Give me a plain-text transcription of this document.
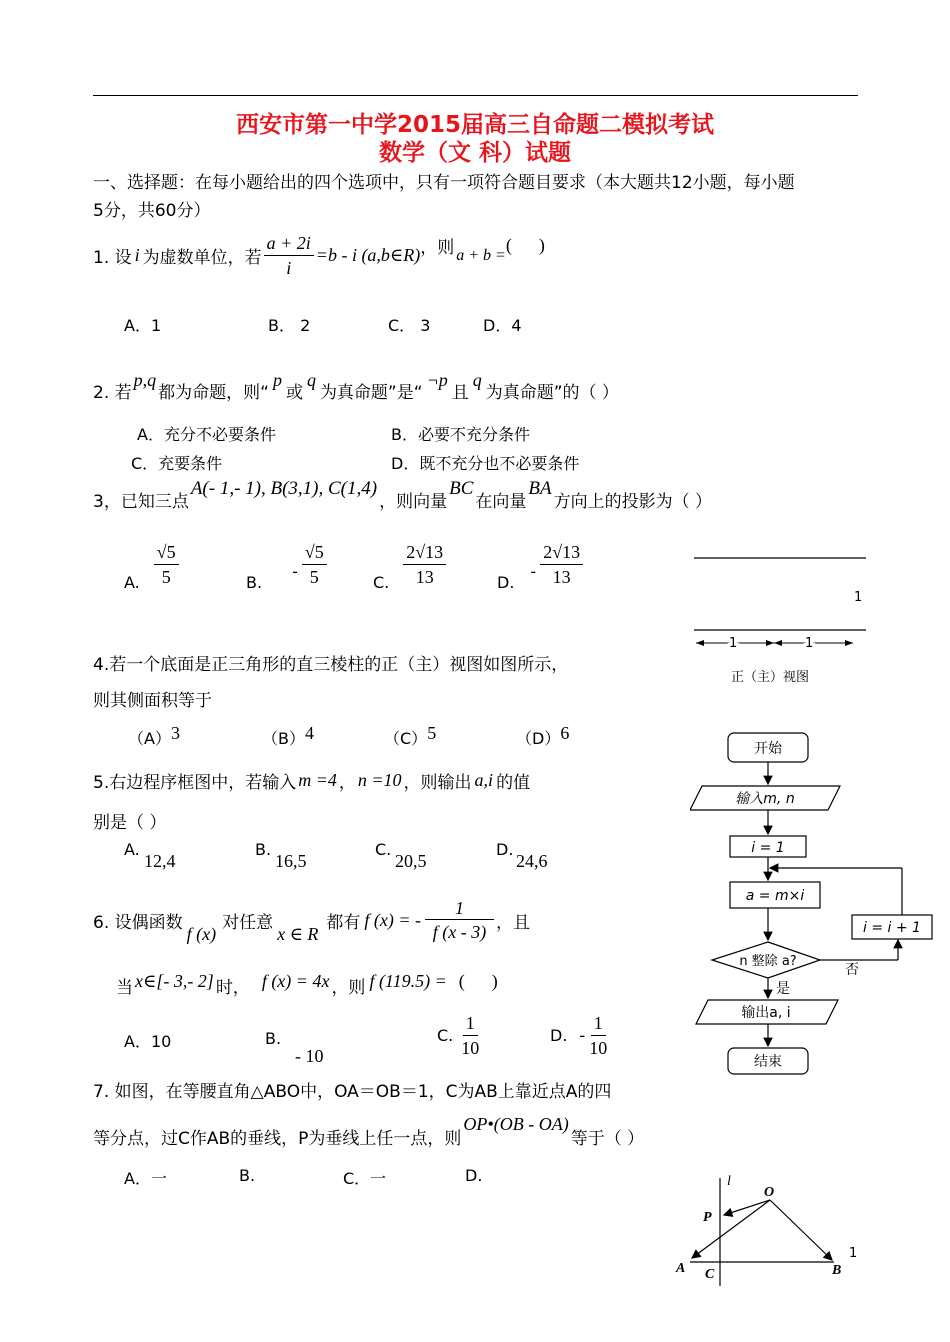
西安市第一中学2015届高三自命题二模拟考试
数学（文 科）试题
一、选择题：在每小题给出的四个选项中，只有一项符合题目要求（本大题共12小题，每小题
5分，共60分）
1. 设 i 为虚数单位，若 $\frac{a + 2i}{i} =b - i$ (a,b∈R) ，则 a + b = (      )
A．1	B． 2	C． 3	D．4
2. 若
p,q
都为命题，则“
p
或
q
为真命题”是“
¬p
且
q
为真命题”的（ ）
A．充分不必要条件	B．必要不充分条件
C．充要条件	D．既不充分也不必要条件
3，已知三点
A(- 1,- 1), B(3,1), C(1,4)
，则向量
BC
在向量
BA
方向上的投影为（ ）
A. $\frac{√5}{5}$	B.
- $\frac{√5}{5}$	C. $\frac{2√13}{13}$	D.
- $\frac{2√13}{13}$
1
1	1
正（主）视图
4.若一个底面是正三角形的直三棱柱的正（主）视图如图所示，
则其侧面积等于
（A）3	（B）4	（C）5	（D）6
5.右边程序框图中，若输入 m =4 ， n =10 ，则输出 a,i 的值
别是（ ）
A.
12,4
B.
16,5
C.
20,5
D.
24,6
开始
输入m, n
i = 1
a = m×i
n 整除 a?
是
否
i = i + 1
输出a, i
结束
6. 设偶函数
f (x)
对任意
x ∈ R
都有 f (x) = - $\frac{1}{f (x - 3)}$ ，且
当 x∈[- 3,- 2] 时， f (x) = 4x ，则 f (119.5) = (      )
A．10	B.
- 10
C. $\frac{1}{10}$	D. - $\frac{1}{10}$
7. 如图，在等腰直角△ABO中，OA＝OB＝1，C为AB上靠近点A的四
等分点，过C作AB的垂线，P为垂线上任一点，则
OP•(OB - OA)
等于（ ）
A．一	B.	C．一	D.	l
O
P
A C	B
1
